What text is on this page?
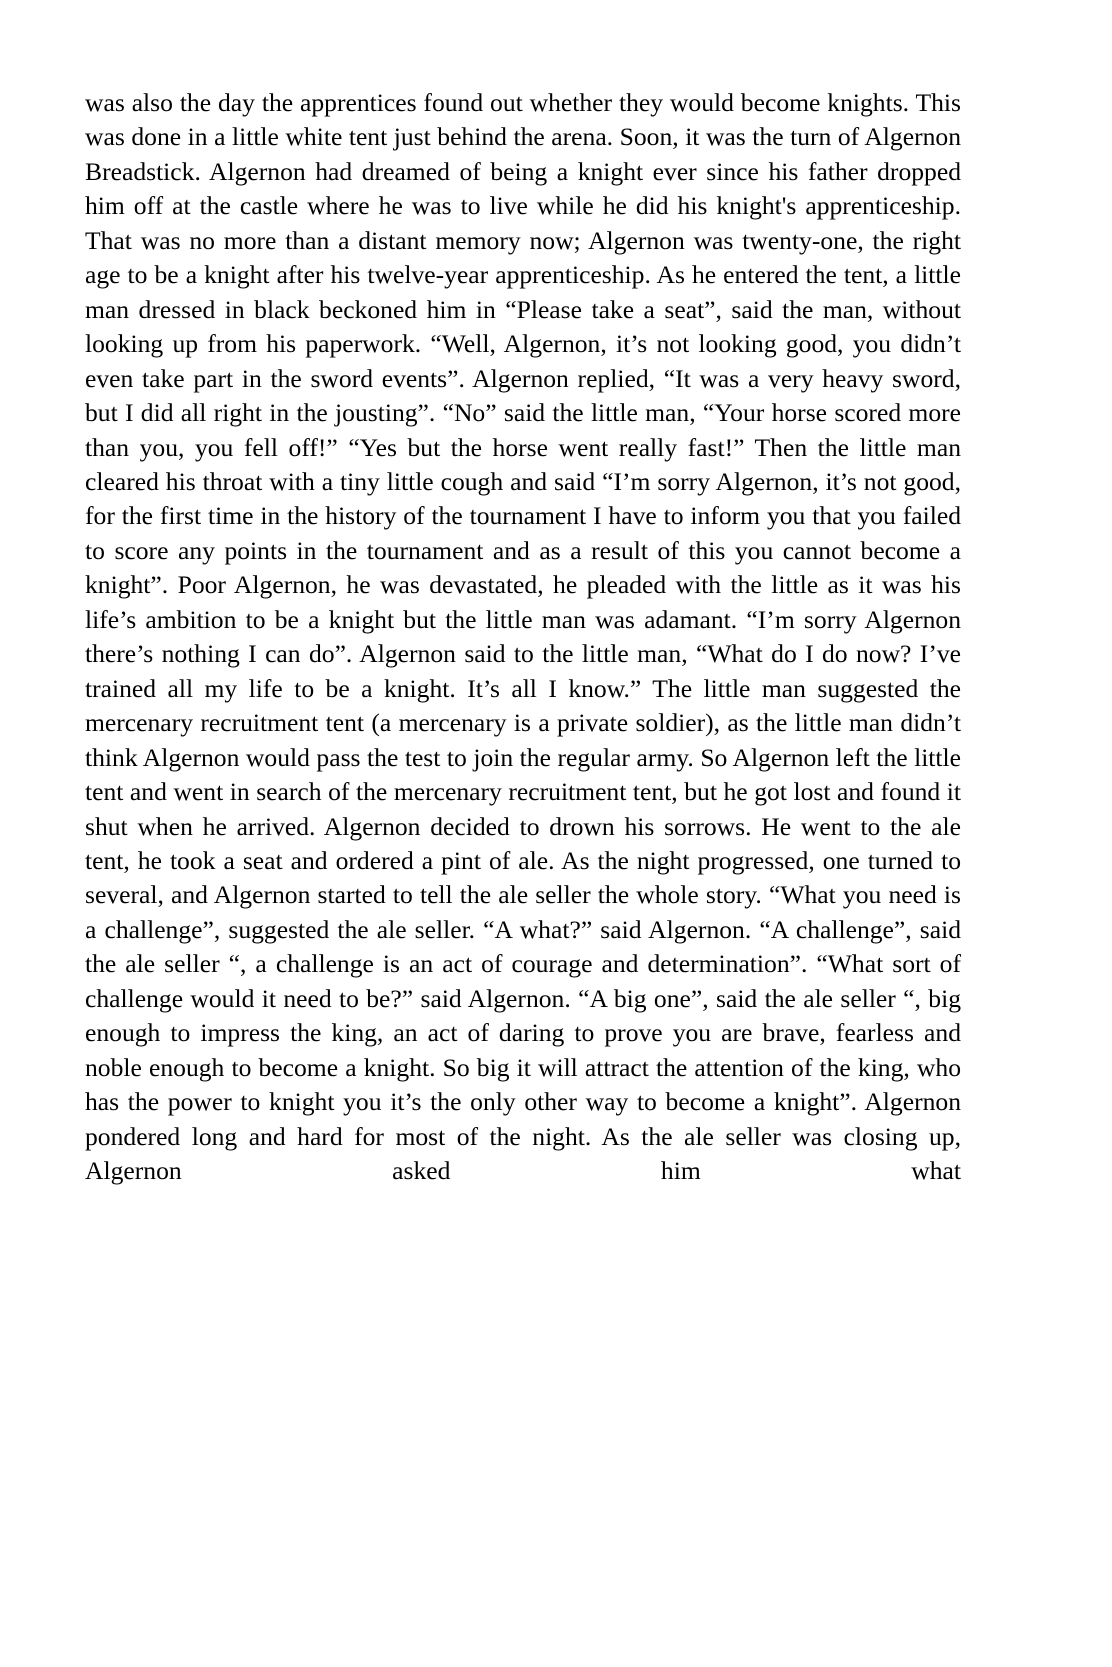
was also the day the apprentices found out whether they would become knights. This was done in a little white tent just behind the arena. Soon, it was the turn of Algernon Breadstick. Algernon had dreamed of being a knight ever since his father dropped him off at the castle where he was to live while he did his knight's apprenticeship. That was no more than a distant memory now; Algernon was twenty-one, the right age to be a knight after his twelve-year apprenticeship. As he entered the tent, a little man dressed in black beckoned him in “Please take a seat”, said the man, without looking up from his paperwork. “Well, Algernon, it’s not looking good, you didn’t even take part in the sword events”. Algernon replied, “It was a very heavy sword, but I did all right in the jousting”. “No” said the little man, “Your horse scored more than you, you fell off!” “Yes but the horse went really fast!” Then the little man cleared his throat with a tiny little cough and said “I’m sorry Algernon, it’s not good, for the first time in the history of the tournament I have to inform you that you failed to score any points in the tournament and as a result of this you cannot become a knight”. Poor Algernon, he was devastated, he pleaded with the little as it was his life’s ambition to be a knight but the little man was adamant. “I’m sorry Algernon there’s nothing I can do”. Algernon said to the little man, “What do I do now? I’ve trained all my life to be a knight. It’s all I know.” The little man suggested the mercenary recruitment tent (a mercenary is a private soldier), as the little man didn’t think Algernon would pass the test to join the regular army. So Algernon left the little tent and went in search of the mercenary recruitment tent, but he got lost and found it shut when he arrived. Algernon decided to drown his sorrows. He went to the ale tent, he took a seat and ordered a pint of ale. As the night progressed, one turned to several, and Algernon started to tell the ale seller the whole story. “What you need is a challenge”, suggested the ale seller. “A what?” said Algernon. “A challenge”, said the ale seller “, a challenge is an act of courage and determination”. “What sort of challenge would it need to be?” said Algernon. “A big one”, said the ale seller “, big enough to impress the king, an act of daring to prove you are brave, fearless and noble enough to become a knight. So big it will attract the attention of the king, who has the power to knight you it’s the only other way to become a knight”. Algernon pondered long and hard for most of the night. As the ale seller was closing up, Algernon asked him what
